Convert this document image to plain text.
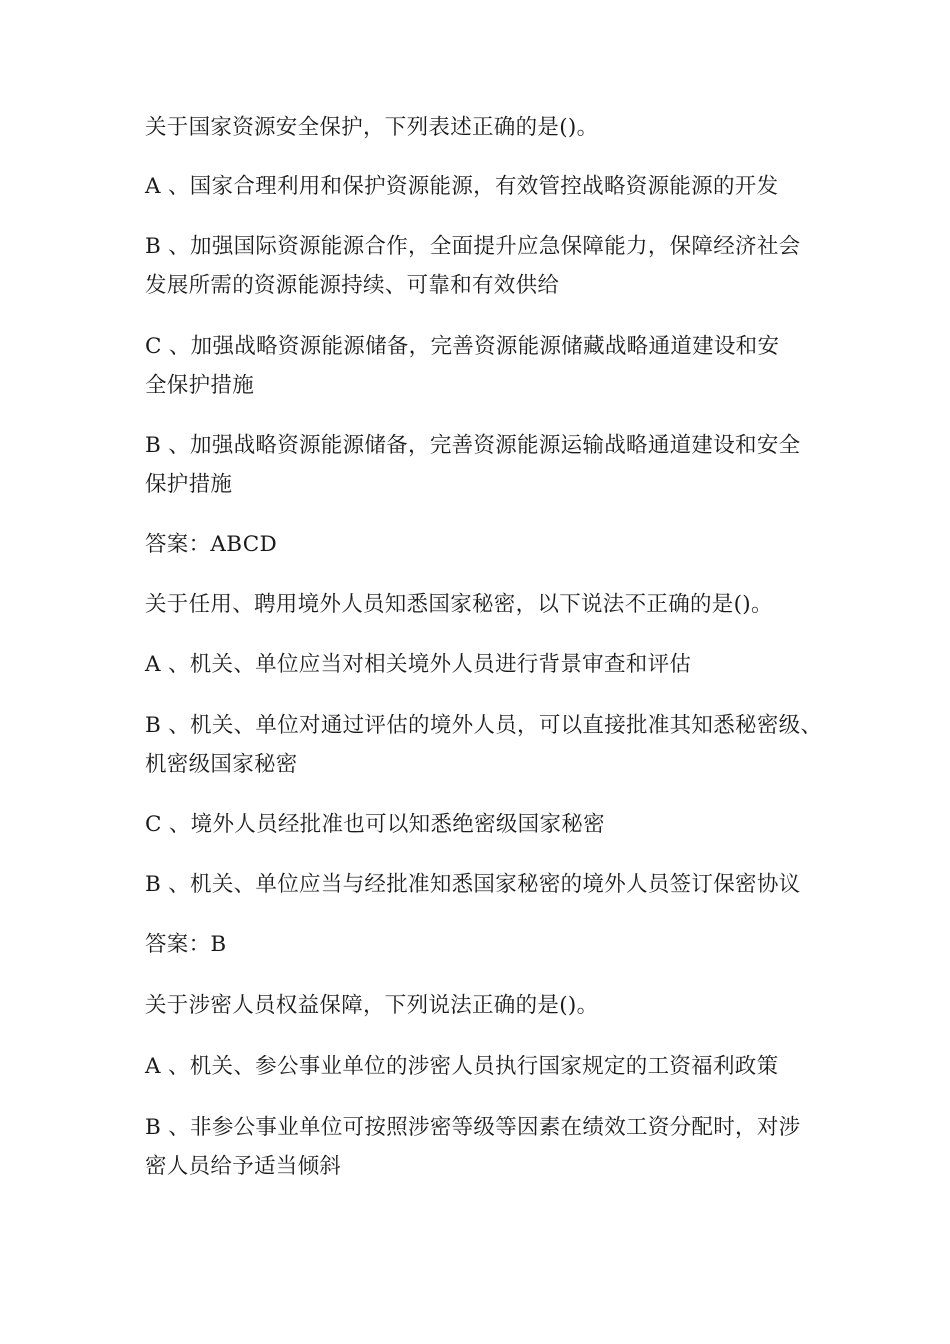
关于国家资源安全保护，下列表述正确的是()。
A 、国家合理利用和保护资源能源，有效管控战略资源能源的开发
B 、加强国际资源能源合作，全面提升应急保障能力，保障经济社会
发展所需的资源能源持续、可靠和有效供给
C 、加强战略资源能源储备，完善资源能源储藏战略通道建设和安
全保护措施
B 、加强战略资源能源储备，完善资源能源运输战略通道建设和安全
保护措施
答案：ABCD
关于任用、聘用境外人员知悉国家秘密，以下说法不正确的是()。
A 、机关、单位应当对相关境外人员进行背景审查和评估
B 、机关、单位对通过评估的境外人员，可以直接批准其知悉秘密级、
机密级国家秘密
C 、境外人员经批准也可以知悉绝密级国家秘密
B 、机关、单位应当与经批准知悉国家秘密的境外人员签订保密协议
答案：B
关于涉密人员权益保障，下列说法正确的是()。
A 、机关、参公事业单位的涉密人员执行国家规定的工资福利政策
B 、非参公事业单位可按照涉密等级等因素在绩效工资分配时，对涉
密人员给予适当倾斜
